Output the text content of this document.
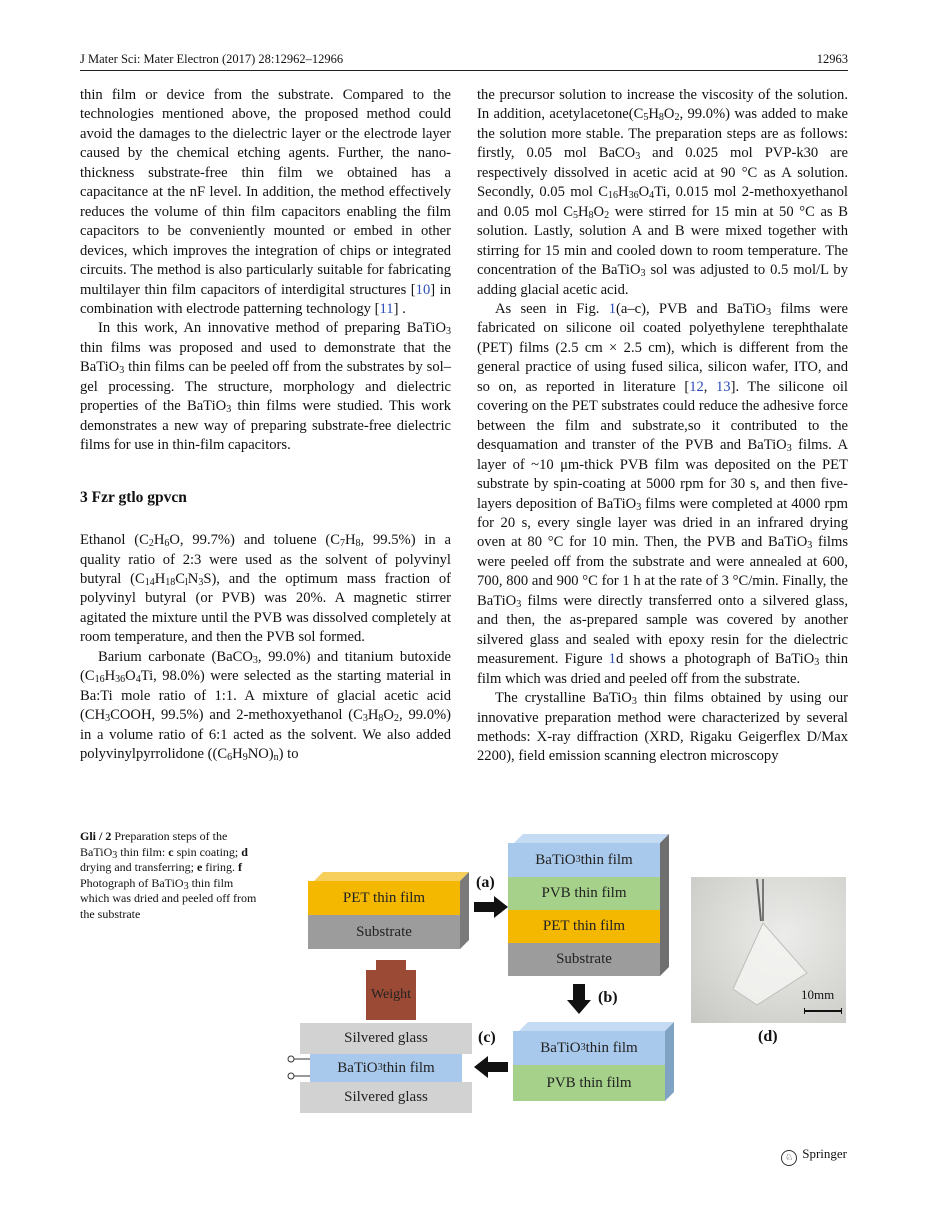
J Mater Sci: Mater Electron (2017) 28:12962–12966	12963

thin film or device from the substrate. Compared to the technologies mentioned above, the proposed method could avoid the damages to the dielectric layer or the electrode layer caused by the chemical etching agents. Further, the nano-thickness substrate-free thin film we obtained has a capacitance at the nF level. In addition, the method effectively reduces the volume of thin film capacitors enabling the film capacitors to be conveniently mounted or embed in other devices, which improves the integration of chips or integrated circuits. The method is also particularly suitable for fabricating multilayer thin film capacitors of interdigital structures [10] in combination with electrode patterning technology [11] .

In this work, An innovative method of preparing BaTiO$_3$ thin films was proposed and used to demonstrate that the BaTiO$_3$ thin films can be peeled off from the substrates by sol–gel processing. The structure, morphology and dielectric properties of the BaTiO$_3$ thin films were studied. This work demonstrates a new way of preparing substrate-free dielectric films for use in thin-film capacitors.

3 Fzr gtlo gpvcn

Ethanol ($C_2H_6O$, 99.7%) and toluene ($C_7H_8$, 99.5%) in a quality ratio of 2:3 were used as the solvent of polyvinyl butyral $(C_{14}H_{18}C_lN_3S)$, and the optimum mass fraction of polyvinyl butyral (or PVB) was 20%. A magnetic stirrer agitated the mixture until the PVB was dissolved completely at room temperature, and then the PVB sol formed.

Barium carbonate (BaCO$_3$, 99.0%) and titanium butoxide ($C_{16}H_{36}O_4Ti$, 98.0%) were selected as the starting material in Ba:Ti mole ratio of 1:1. A mixture of glacial acetic acid ($CH_3COOH$, 99.5%) and 2-methoxyethanol ($C_3H_8O_2$, 99.0%) in a volume ratio of 6:1 acted as the solvent. We also added polyvinylpyrrolidone $((C_6H_9NO)_n)$ to

the precursor solution to increase the viscosity of the solution. In addition, $acetylacetone(C_5H_8O_2$, 99.0%) was added to make the solution more stable. The preparation steps are as follows: firstly, 0.05 mol BaCO$_3$ and 0.025 mol PVP-k30 are respectively dissolved in acetic acid at 90 °C as A solution. Secondly, 0.05 mol $C_{16}H_{36}O_4Ti$, 0.015 mol 2-methoxyethanol and 0.05 mol $C_5H_8O_2$ were stirred for 15 min at 50 °C as B solution. Lastly, solution A and B were mixed together with stirring for 15 min and cooled down to room temperature. The concentration of the BaTiO$_3$ sol was adjusted to 0.5 mol/L by adding glacial acetic acid.

As seen in Fig. 1(a–c), PVB and BaTiO$_3$ films were fabricated on silicone oil coated polyethylene terephthalate (PET) films (2.5 cm × 2.5 cm), which is different from the general practice of using fused silica, silicon wafer, ITO, and so on, as reported in literature [12, 13]. The silicone oil covering on the PET substrates could reduce the adhesive force between the film and substrate,so it contributed to the desquamation and transter of the PVB and BaTiO$_3$ films. A layer of ~10 μm-thick PVB film was deposited on the PET substrate by spin-coating at 5000 rpm for 30 s, and then five-layers deposition of BaTiO$_3$ films were completed at 4000 rpm for 20 s, every single layer was dried in an infrared drying oven at 80 °C for 10 min. Then, the PVB and BaTiO$_3$ films were peeled off from the substrate and were annealed at 600, 700, 800 and 900 °C for 1 h at the rate of 3 °C/min. Finally, the BaTiO$_3$ films were directly transferred onto a silvered glass, and then, the as-prepared sample was covered by another silvered glass and sealed with epoxy resin for the dielectric measurement. Figure 1d shows a photograph of BaTiO$_3$ thin film which was dried and peeled off from the substrate.

The crystalline BaTiO$_3$ thin films obtained by using our innovative preparation method were characterized by several methods: X-ray diffraction (XRD, Rigaku Geigerflex D/Max 2200), field emission scanning electron microscopy

Gli / 2 Preparation steps of the BaTiO$_3$ thin film: c spin coating; d drying and transferring; e firing. f Photograph of BaTiO$_3$ thin film which was dried and peeled off from the substrate
PET thin film
Substrate
(a)
BaTiO 3 thin film
PVB thin film
PET thin film
Substrate
(b)
BaTiO 3 thin film
PVB thin film
(c)
Weight
Silvered glass
BaTiO 3 thin film
Silvered glass
10mm
(d)
♘ Springer
